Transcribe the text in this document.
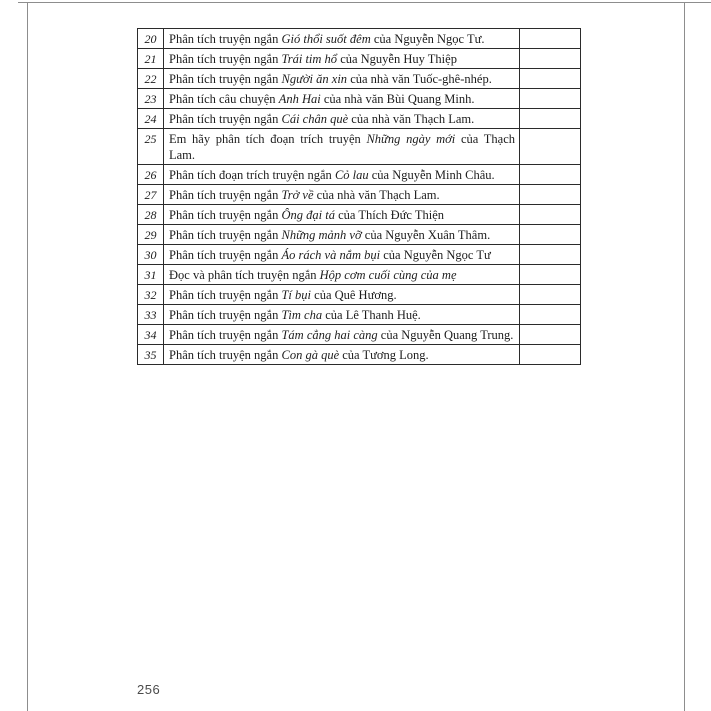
20	Phân tích truyện ngắn Gió thổi suốt đêm của Nguyễn Ngọc Tư.
21	Phân tích truyện ngắn Trái tim hổ của Nguyễn Huy Thiệp
22	Phân tích truyện ngắn Người ăn xin của nhà văn Tuốc-ghê-nhép.
23	Phân tích câu chuyện Anh Hai của nhà văn Bùi Quang Minh.
24	Phân tích truyện ngắn Cái chân què của nhà văn Thạch Lam.
25	Em hãy phân tích đoạn trích truyện Những ngày mới của Thạch Lam.
26	Phân tích đoạn trích truyện ngắn Cỏ lau của Nguyễn Minh Châu.
27	Phân tích truyện ngắn Trở về của nhà văn Thạch Lam.
28	Phân tích truyện ngắn Ông đại tá của Thích Đức Thiện
29	Phân tích truyện ngắn Những mảnh vỡ của Nguyễn Xuân Thâm.
30	Phân tích truyện ngắn Áo rách và nắm bụi của Nguyễn Ngọc Tư
31	Đọc và phân tích truyện ngắn Hộp cơm cuối cùng của mẹ
32	Phân tích truyện ngắn Tí bụi của Quê Hương.
33	Phân tích truyện ngắn Tìm cha của Lê Thanh Huệ.
34	Phân tích truyện ngắn Tám cẳng hai càng của Nguyễn Quang Trung.
35	Phân tích truyện ngắn Con gà què của Tương Long.
256
